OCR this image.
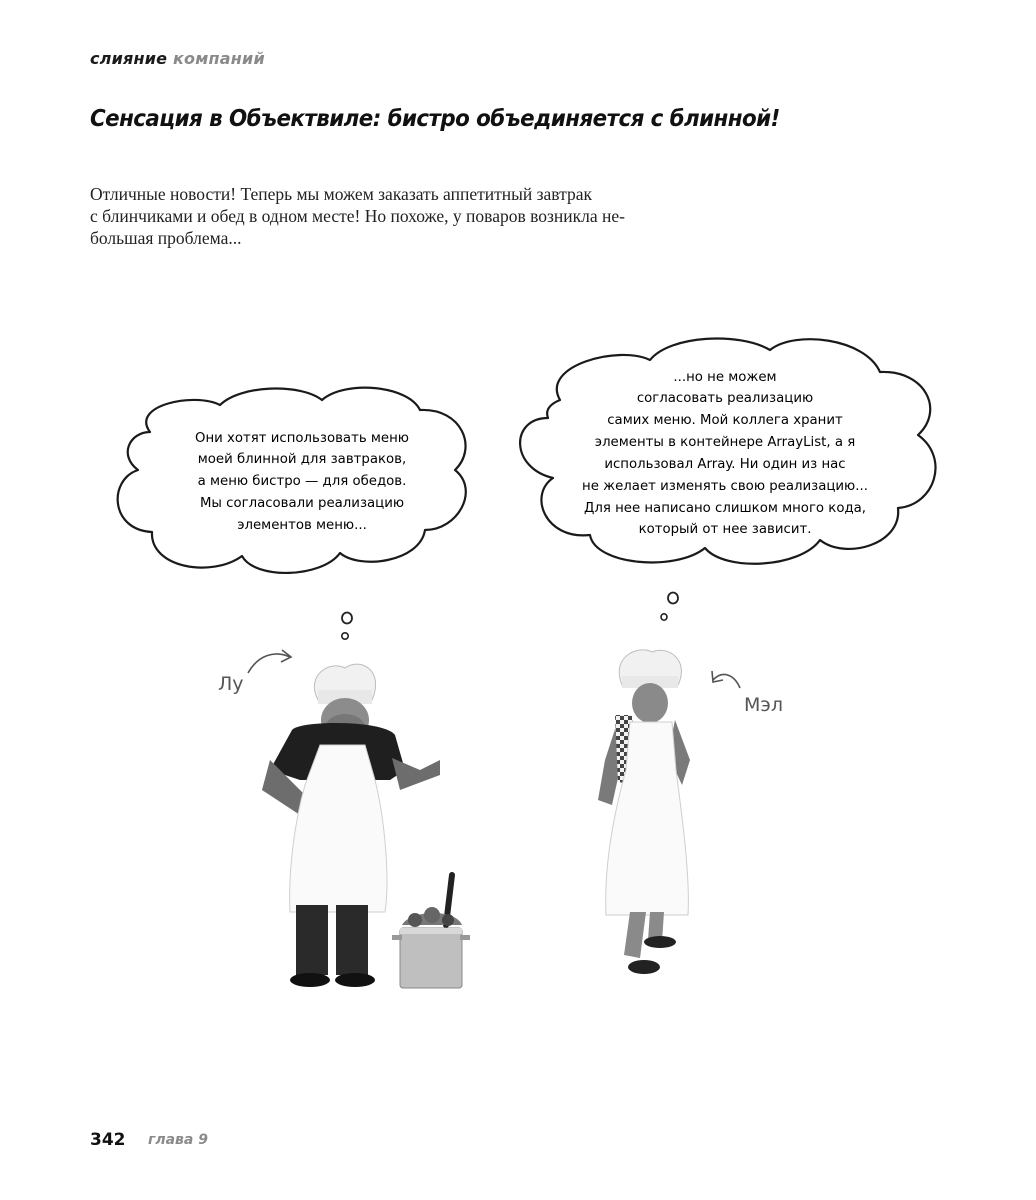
слияние компаний
Сенсация в Объектвиле: бистро объединяется с блинной!

Отличные новости! Теперь мы можем заказать аппетитный завтрак

с блинчиками и обед в одном месте! Но похоже, у поваров возникла не-

большая проблема...

Они хотят использовать меню
моей блинной для завтраков,
а меню бистро — для обедов.
Мы согласовали реализацию
элементов меню...
...но не можем
согласовать реализацию
самих меню. Мой коллега хранит
элементы в контейнере ArrayList, а я
использовал Array. Ни один из нас
не желает изменять свою реализацию...
Для нее написано слишком много кода,
который от нее зависит.
Лу
Мэл
342 глава 9
